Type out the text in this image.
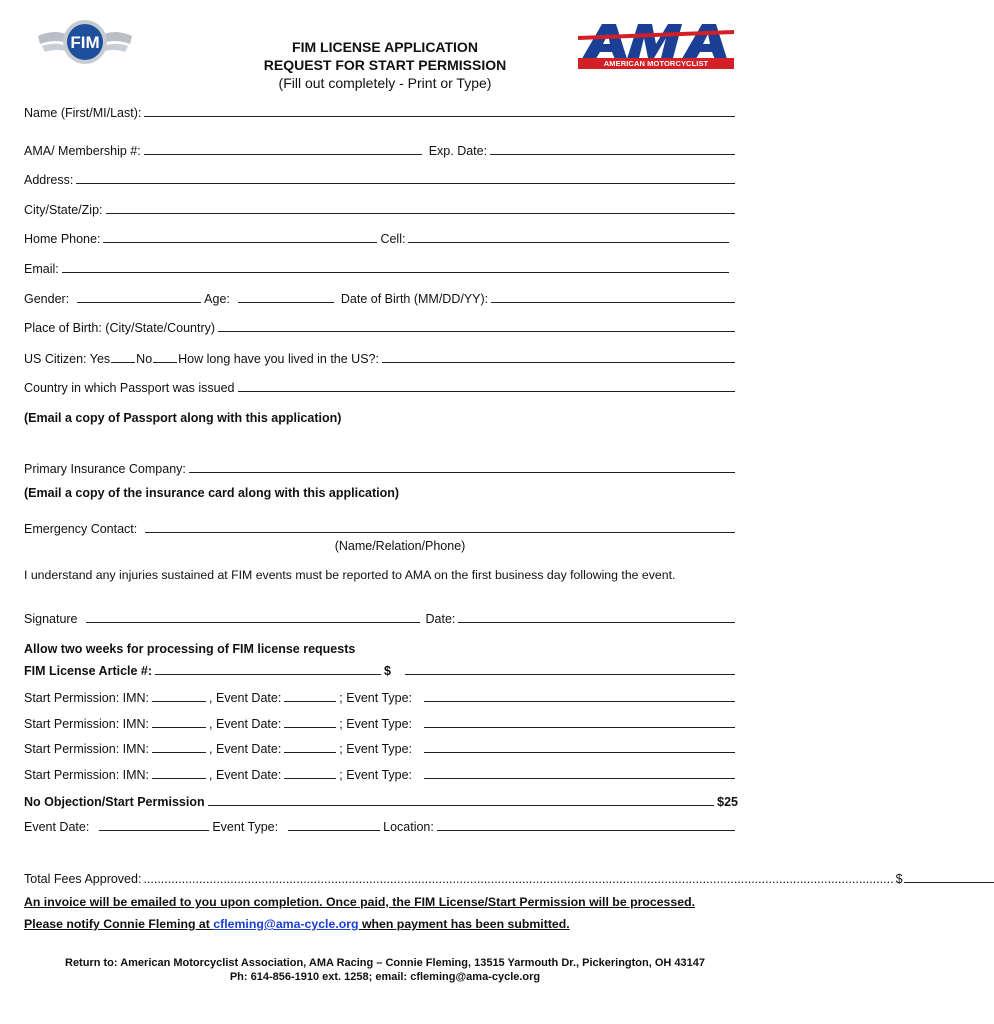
FIM
AMERICAN MOTORCYCLIST ASSOCIATION
FIM LICENSE APPLICATION
REQUEST FOR START PERMISSION
(Fill out completely - Print or Type)
Name (First/MI/Last):
AMA/ Membership #:	Exp. Date:
Address:
City/State/Zip:
Home Phone:	Cell:
Email:
Gender:	Age:	Date of Birth (MM/DD/YY):
Place of Birth: (City/State/Country)
US Citizen: Yes No How long have you lived in the US?:
Country in which Passport was issued
(Email a copy of Passport along with this application)
Primary Insurance Company:
(Email a copy of the insurance card along with this application)
Emergency Contact:
(Name/Relation/Phone)
I understand any injuries sustained at FIM events must be reported to AMA on the first business day following the event.
Signature	Date:
Allow two weeks for processing of FIM license requests
FIM License Article #:	$
Start Permission: IMN:	, Event Date:	; Event Type:
Start Permission: IMN:	, Event Date:	; Event Type:
Start Permission: IMN:	, Event Date:	; Event Type:
Start Permission: IMN:	, Event Date:	; Event Type:
No Objection/Start Permission	$25
Event Date:	Event Type:	Location:
Total Fees Approved: ........................................................................................................................................................................................................................ $
An invoice will be emailed to you upon completion. Once paid, the FIM License/Start Permission will be processed.
Please notify Connie Fleming at cfleming@ama-cycle.org when payment has been submitted.
Return to: American Motorcyclist Association, AMA Racing – Connie Fleming, 13515 Yarmouth Dr., Pickerington, OH 43147
Ph: 614-856-1910 ext. 1258; email: cfleming@ama-cycle.org
